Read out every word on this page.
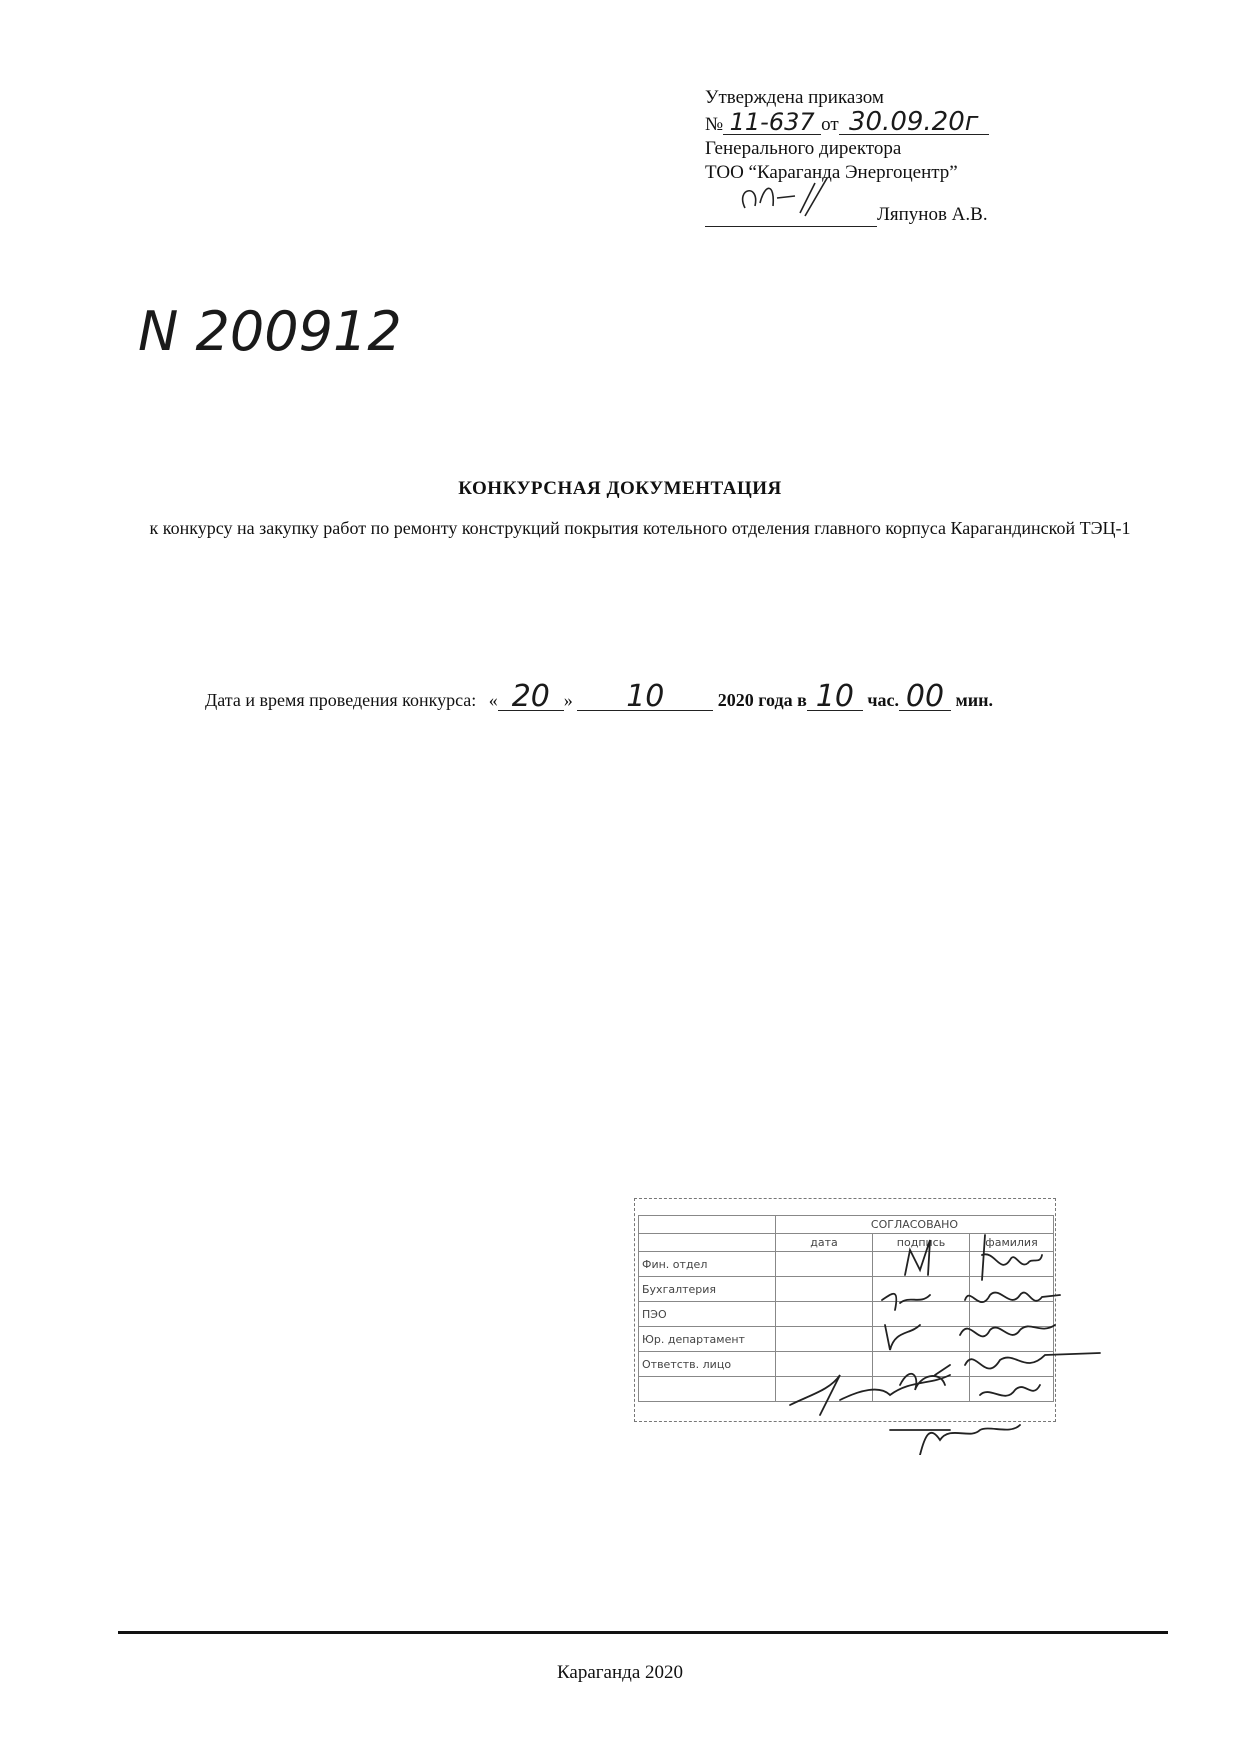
Утверждена приказом
№ 11-637 от 30.09.20г
Генерального директора
ТОО “Караганда Энергоцентр”
Ляпунов А.В.
N 200912
КОНКУРСНАЯ ДОКУМЕНТАЦИЯ
к конкурсу на закупку работ по ремонту конструкций покрытия котельного отделения главного корпуса Карагандинской ТЭЦ-1
Дата и время проведения конкурса: « 20 » 10	2020 года в 10 час. 00 мин.
	СОГЛАСОВАНО		
	дата	подпись	фамилия
Фин. отдел			
Бухгалтерия			
ПЭО			
Юр. департамент			
Ответств. лицо			

Караганда 2020
